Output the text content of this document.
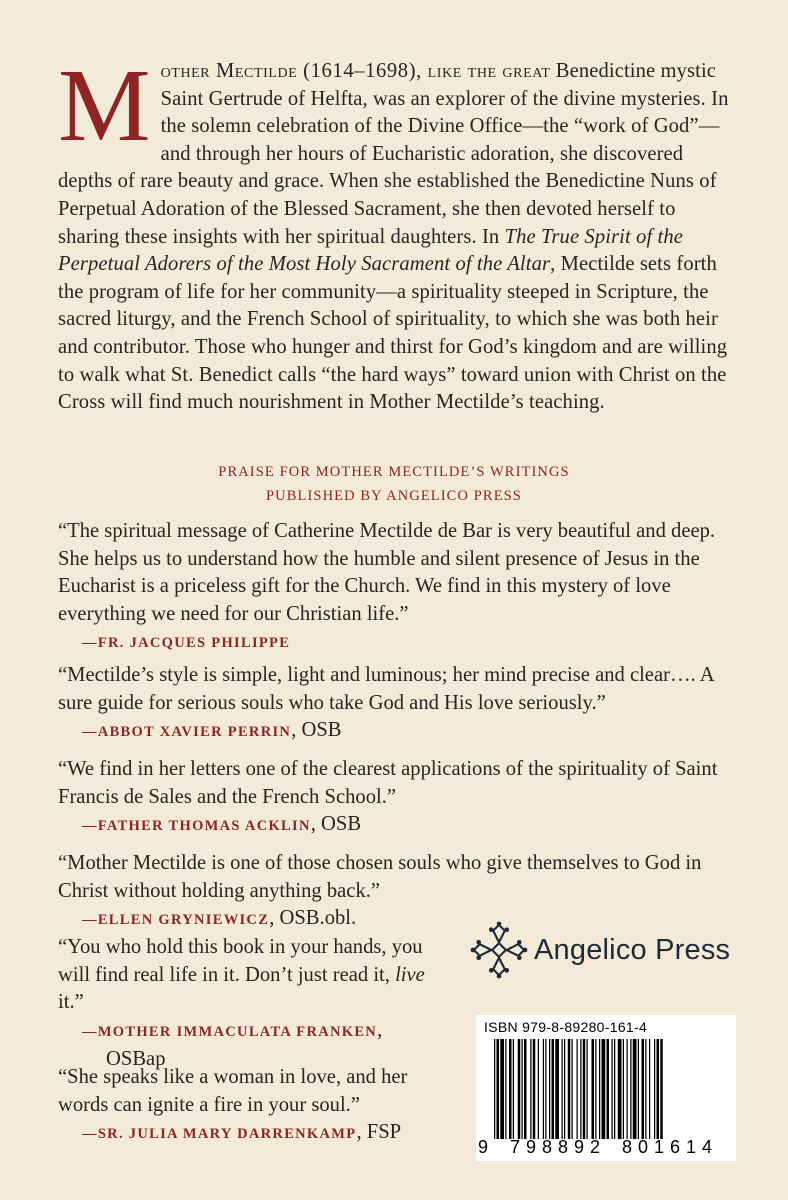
Mother Mectilde (1614–1698), like the great Benedictine mystic Saint Gertrude of Helfta, was an explorer of the divine mysteries. In the solemn celebration of the Divine Office—the “work of God”—and through her hours of Eucharistic adoration, she discovered depths of rare beauty and grace. When she established the Benedictine Nuns of Perpetual Adoration of the Blessed Sacrament, she then devoted herself to sharing these insights with her spiritual daughters. In The True Spirit of the Perpetual Adorers of the Most Holy Sacrament of the Altar, Mectilde sets forth the program of life for her community—a spirituality steeped in Scripture, the sacred liturgy, and the French School of spirituality, to which she was both heir and contributor. Those who hunger and thirst for God’s kingdom and are willing to walk what St. Benedict calls “the hard ways” toward union with Christ on the Cross will find much nourishment in Mother Mectilde’s teaching.
PRAISE FOR MOTHER MECTILDE’S WRITINGS
PUBLISHED BY ANGELICO PRESS
“The spiritual message of Catherine Mectilde de Bar is very beautiful and deep. She helps us to understand how the humble and silent presence of Jesus in the Eucharist is a priceless gift for the Church. We find in this mystery of love everything we need for our Christian life.”
—FR. JACQUES PHILIPPE
“Mectilde’s style is simple, light and luminous; her mind precise and clear…. A sure guide for serious souls who take God and His love seriously.”
—ABBOT XAVIER PERRIN, OSB
“We find in her letters one of the clearest applications of the spirituality of Saint Francis de Sales and the French School.”
—FATHER THOMAS ACKLIN, OSB
“Mother Mectilde is one of those chosen souls who give themselves to God in Christ without holding anything back.”
—ELLEN GRYNIEWICZ, OSB.obl.
“You who hold this book in your hands, you will find real life in it. Don’t just read it, live it.”
—MOTHER IMMACULATA FRANKEN,
OSBap
“She speaks like a woman in love, and her words can ignite a fire in your soul.”
—SR. JULIA MARY DARRENKAMP, FSP
Angelico Press
ISBN 979-8-89280-161-4
9 798892 801614
